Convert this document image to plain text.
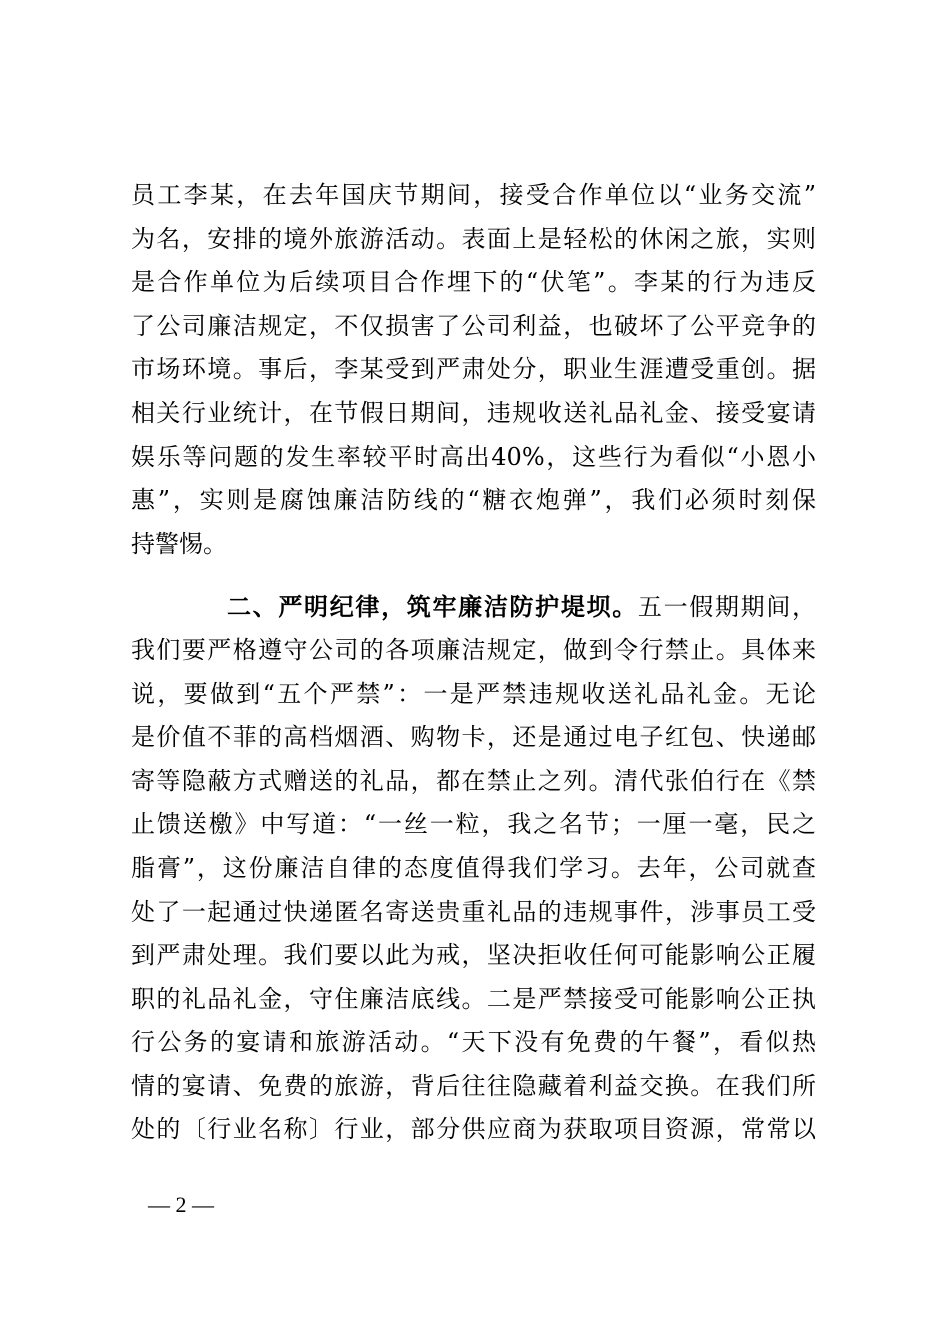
员工李某，在去年国庆节期间，接受合作单位以“业务交流”
为名，安排的境外旅游活动。表面上是轻松的休闲之旅，实则
是合作单位为后续项目合作埋下的“伏笔”。李某的行为违反
了公司廉洁规定，不仅损害了公司利益，也破坏了公平竞争的
市场环境。事后，李某受到严肃处分，职业生涯遭受重创。据
相关行业统计，在节假日期间，违规收送礼品礼金、接受宴请
娱乐等问题的发生率较平时高出40%，这些行为看似“小恩小
惠”，实则是腐蚀廉洁防线的“糖衣炮弹”，我们必须时刻保
持警惕。
二、严明纪律，筑牢廉洁防护堤坝。五一假期期间，
我们要严格遵守公司的各项廉洁规定，做到令行禁止。具体来
说，要做到“五个严禁”：一是严禁违规收送礼品礼金。无论
是价值不菲的高档烟酒、购物卡，还是通过电子红包、快递邮
寄等隐蔽方式赠送的礼品，都在禁止之列。清代张伯行在《禁
止馈送檄》中写道：“一丝一粒，我之名节；一厘一毫，民之
脂膏”，这份廉洁自律的态度值得我们学习。去年，公司就查
处了一起通过快递匿名寄送贵重礼品的违规事件，涉事员工受
到严肃处理。我们要以此为戒，坚决拒收任何可能影响公正履
职的礼品礼金，守住廉洁底线。二是严禁接受可能影响公正执
行公务的宴请和旅游活动。“天下没有免费的午餐”，看似热
情的宴请、免费的旅游，背后往往隐藏着利益交换。在我们所
处的〔行业名称〕行业，部分供应商为获取项目资源，常常以
— 2 —
